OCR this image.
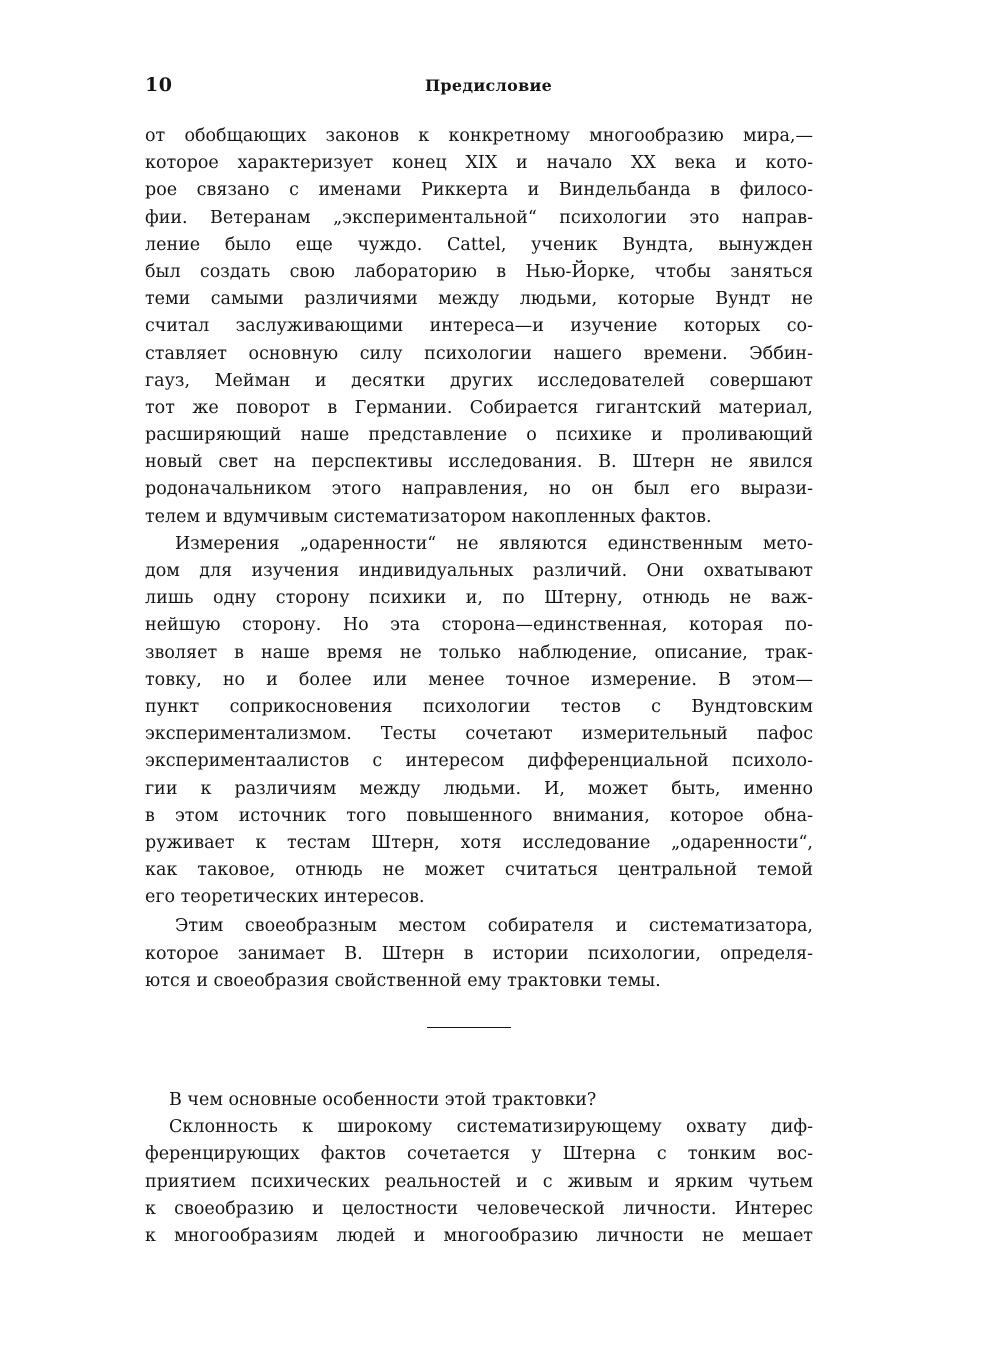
10	Предисловие
от обобщающих законов к конкретному многообразию мира,—
которое характеризует конец XIX и начало XX века и кото-
рое связано с именами Риккерта и Виндельбанда в филосо-
фии. Ветеранам „экспериментальной“ психологии это направ-
ление было еще чуждо. Cattel, ученик Вундта, вынужден
был создать свою лабораторию в Нью-Йорке, чтобы заняться
теми самыми различиями между людьми, которые Вундт не
считал заслуживающими интереса—и изучение которых со-
ставляет основную силу психологии нашего времени. Эббин-
гауз, Мейман и десятки других исследователей совершают
тот же поворот в Германии. Собирается гигантский материал,
расширяющий наше представление о психике и проливающий
новый свет на перспективы исследования. В. Штерн не явился
родоначальником этого направления, но он был его вырази-
телем и вдумчивым систематизатором накопленных фактов.
Измерения „одаренности“ не являются единственным мето-
дом для изучения индивидуальных различий. Они охватывают
лишь одну сторону психики и, по Штерну, отнюдь не важ-
нейшую сторону. Но эта сторона—единственная, которая по-
зволяет в наше время не только наблюдение, описание, трак-
товку, но и более или менее точное измерение. В этом—
пункт соприкосновения психологии тестов с Вундтовским
экспериментализмом. Тесты сочетают измерительный пафос
экспериментаалистов с интересом дифференциальной психоло-
гии к различиям между людьми. И, может быть, именно
в этом источник того повышенного внимания, которое обна-
руживает к тестам Штерн, хотя исследование „одаренности“,
как таковое, отнюдь не может считаться центральной темой
его теоретических интересов.
Этим своеобразным местом собирателя и систематизатора,
которое занимает В. Штерн в истории психологии, определя-
ются и своеобразия свойственной ему трактовки темы.
В чем основные особенности этой трактовки?
Склонность к широкому систематизирующему охвату диф-
ференцирующих фактов сочетается у Штерна с тонким вос-
приятием психических реальностей и с живым и ярким чутьем
к своеобразию и целостности человеческой личности. Интерес
к многообразиям людей и многообразию личности не мешает
